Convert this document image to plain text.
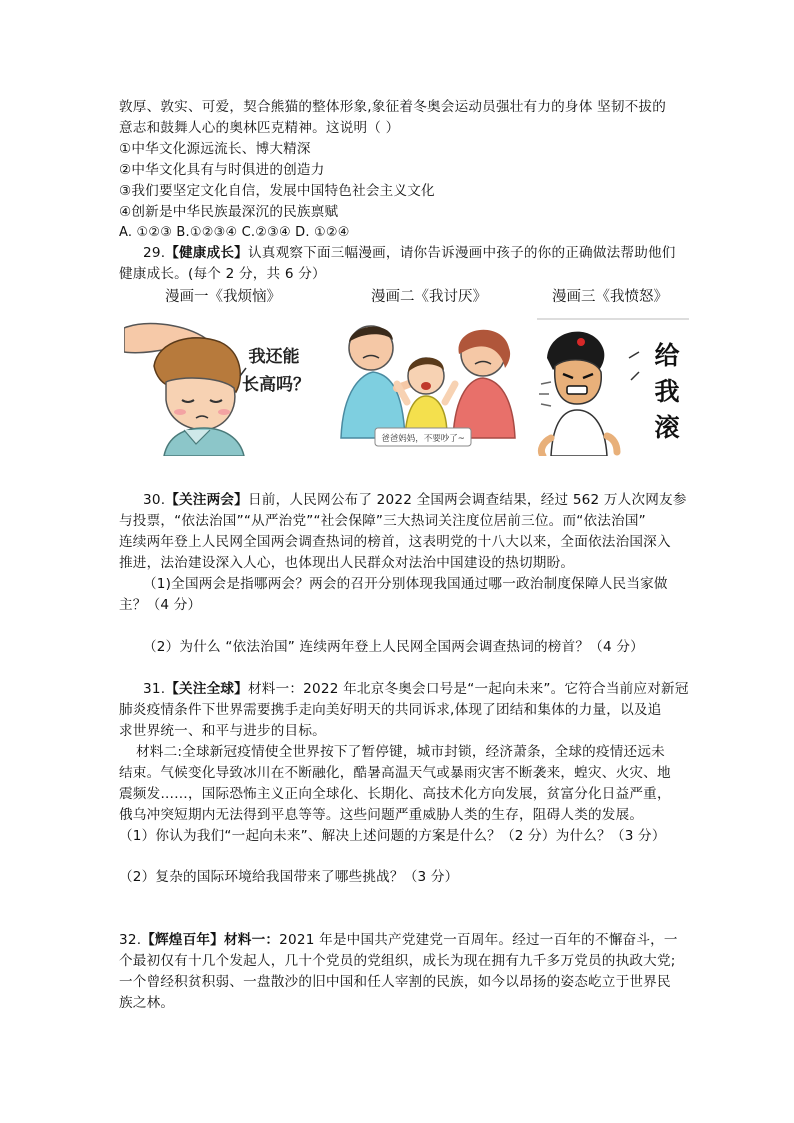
敦厚、敦实、可爱，契合熊猫的整体形象,象征着冬奥会运动员强壮有力的身体 坚韧不拔的
意志和鼓舞人心的奥林匹克精神。这说明（ ）
①中华文化源远流长、博大精深
②中华文化具有与时俱进的创造力
③我们要坚定文化自信，发展中国特色社会主义文化
④创新是中华民族最深沉的民族禀赋
A. ①②③ B.①②③④ C.②③④ D. ①②④
29.【健康成长】认真观察下面三幅漫画，请你告诉漫画中孩子的你的正确做法帮助他们
健康成长。(每个 2 分，共 6 分）
漫画一《我烦恼》	漫画二《我讨厌》	漫画三《我愤怒》
我还能
长高吗？
爸爸妈妈，不要吵了~
给
我
滚
30.【关注两会】日前，人民网公布了 2022 全国两会调查结果，经过 562 万人次网友参
与投票，“依法治国”“从严治党”“社会保障”三大热词关注度位居前三位。而“依法治国”
连续两年登上人民网全国两会调查热词的榜首，这表明党的十八大以来，全面依法治国深入
推进，法治建设深入人心，也体现出人民群众对法治中国建设的热切期盼。
（1)全国两会是指哪两会？两会的召开分别体现我国通过哪一政治制度保障人民当家做
主？（4 分）
（2）为什么 “依法治国” 连续两年登上人民网全国两会调查热词的榜首？（4 分）
31.【关注全球】材料一：2022 年北京冬奥会口号是“一起向未来”。它符合当前应对新冠
肺炎疫情条件下世界需要携手走向美好明天的共同诉求,体现了团结和集体的力量，以及追
求世界统一、和平与进步的目标。
材料二:全球新冠疫情使全世界按下了暂停键，城市封锁，经济萧条，全球的疫情还远未
结束。气候变化导致冰川在不断融化，酷暑高温天气或暴雨灾害不断袭来，蝗灾、火灾、地
震频发……，国际恐怖主义正向全球化、长期化、高技术化方向发展，贫富分化日益严重，
俄乌冲突短期内无法得到平息等等。这些问题严重威胁人类的生存，阻碍人类的发展。
（1）你认为我们“一起向未来”、解决上述问题的方案是什么？（2 分）为什么？（3 分）
（2）复杂的国际环境给我国带来了哪些挑战？（3 分）
32.【辉煌百年】材料一：2021 年是中国共产党建党一百周年。经过一百年的不懈奋斗，一
个最初仅有十几个发起人，几十个党员的党组织，成长为现在拥有九千多万党员的执政大党;
一个曾经积贫积弱、一盘散沙的旧中国和任人宰割的民族，如今以昂扬的姿态屹立于世界民
族之林。
